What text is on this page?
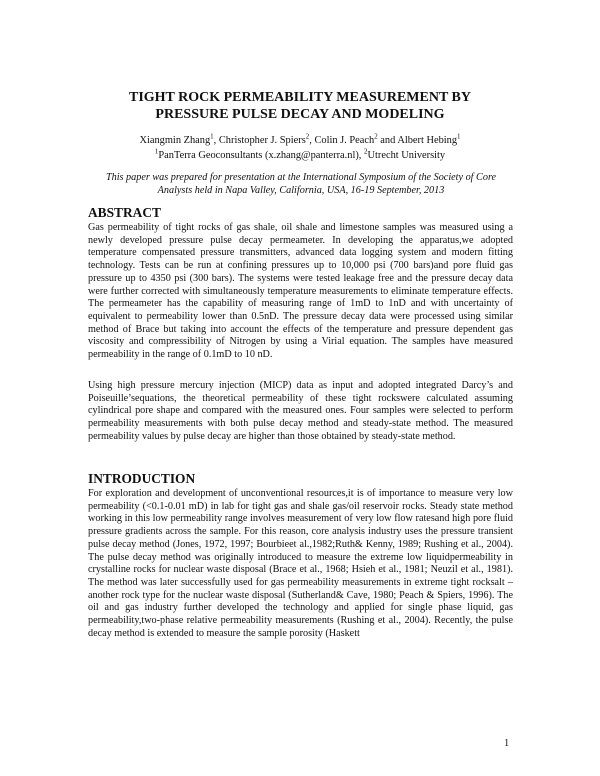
TIGHT ROCK PERMEABILITY MEASUREMENT BY
PRESSURE PULSE DECAY AND MODELING
Xiangmin Zhang$^1$, Christopher J. Spiers$^2$, Colin J. Peach$^2$ and Albert Hebing$^1$
$^1$PanTerra Geoconsultants (x.zhang@panterra.nl), $^2$Utrecht University
This paper was prepared for presentation at the International Symposium of the Society of Core Analysts held in Napa Valley, California, USA, 16-19 September, 2013
ABSTRACT

Gas permeability of tight rocks of gas shale, oil shale and limestone samples was measured using a newly developed pressure pulse decay permeameter. In developing the apparatus,we adopted temperature compensated pressure transmitters, advanced data logging system and modern fitting technology. Tests can be run at confining pressures up to 10,000 psi (700 bars)and pore fluid gas pressure up to 4350 psi (300 bars). The systems were tested leakage free and the pressure decay data were further corrected with simultaneously temperature measurements to eliminate temperature effects. The permeameter has the capability of measuring range of 1mD to 1nD and with uncertainty of equivalent to permeability lower than 0.5nD. The pressure decay data were processed using similar method of Brace but taking into account the effects of the temperature and pressure dependent gas viscosity and compressibility of Nitrogen by using a Virial equation. The samples have measured permeability in the range of 0.1mD to 10 nD.

Using high pressure mercury injection (MICP) data as input and adopted integrated Darcy’s and Poiseuille’sequations, the theoretical permeability of these tight rockswere calculated assuming cylindrical pore shape and compared with the measured ones. Four samples were selected to perform permeability measurements with both pulse decay method and steady-state method. The measured permeability values by pulse decay are higher than those obtained by steady-state method.

INTRODUCTION

For exploration and development of unconventional resources,it is of importance to measure very low permeability (<0.1-0.01 mD) in lab for tight gas and shale gas/oil reservoir rocks. Steady state method working in this low permeability range involves measurement of very low flow ratesand high pore fluid pressure gradients across the sample. For this reason, core analysis industry uses the pressure transient pulse decay method (Jones, 1972, 1997; Bourbieet al.,1982;Ruth& Kenny, 1989; Rushing et al., 2004). The pulse decay method was originally introduced to measure the extreme low liquidpermeability in crystalline rocks for nuclear waste disposal (Brace et al., 1968; Hsieh et al., 1981; Neuzil et al., 1981). The method was later successfully used for gas permeability measurements in extreme tight rocksalt –another rock type for the nuclear waste disposal (Sutherland& Cave, 1980; Peach & Spiers, 1996). The oil and gas industry further developed the technology and applied for single phase liquid, gas permeability,two-phase relative permeability measurements (Rushing et al., 2004). Recently, the pulse decay method is extended to measure the sample porosity (Haskett

1
